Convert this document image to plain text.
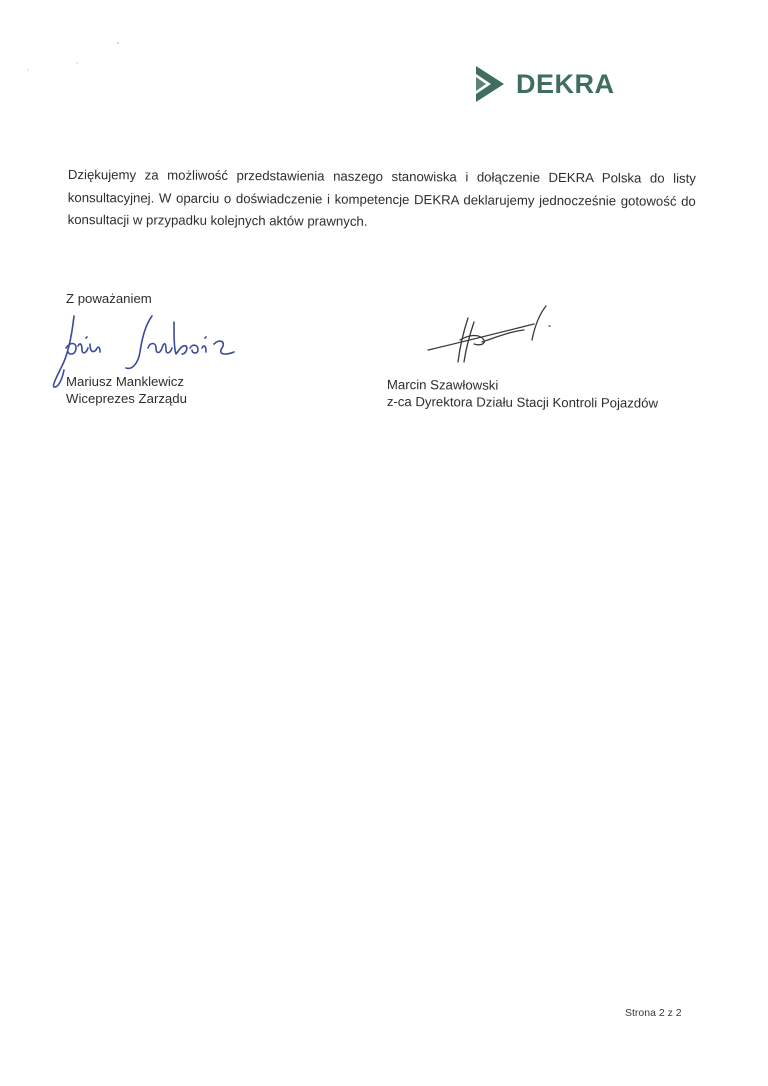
DEKRA
Dziękujemy za możliwość przedstawienia naszego stanowiska i dołączenie DEKRA Polska do listy konsultacyjnej. W oparciu o doświadczenie i kompetencje DEKRA deklarujemy jednocześnie gotowość do konsultacji w przypadku kolejnych aktów prawnych.
Z poważaniem
Mariusz Manklewicz
Wiceprezes Zarządu
Marcin Szawłowski
z-ca Dyrektora Działu Stacji Kontroli Pojazdów
Strona 2 z 2
